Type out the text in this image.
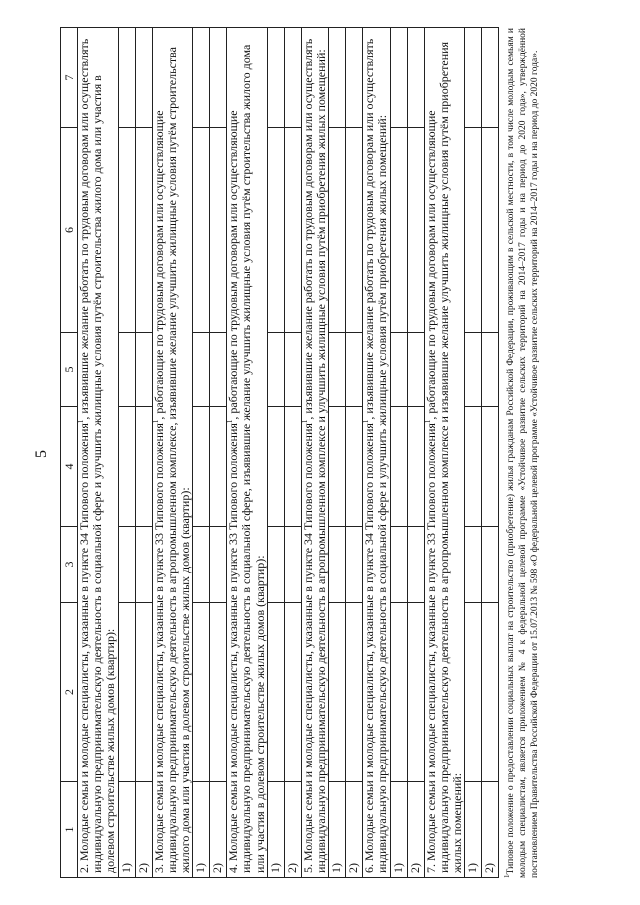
5
1	2	3	4	5	6	7
2. Молодые семьи и молодые специалисты, указанные в пункте 34 Типового положения$^1$, изъявившие желание работать по трудовым договорам или осуществлять индивидуальную предпринимательскую деятельность в социальной сфере и улучшить жилищные условия путём строительства жилого дома или участия в долевом строительстве жилых домов (квартир):						
1)						
2)						
3. Молодые семьи и молодые специалисты, указанные в пункте 33 Типового положения$^1$, работающие по трудовым договорам или осуществляющие индивидуальную предпринимательскую деятельность в агропромышленном комплексе, изъявившие желание улучшить жилищные условия путём строительства жилого дома или участия в долевом строительстве жилых домов (квартир):						
1)						
2)						
4. Молодые семьи и молодые специалисты, указанные в пункте 33 Типового положения$^1$, работающие по трудовым договорам или осуществляющие индивидуальную предпринимательскую деятельность в социальной сфере, изъявившие желание улучшить жилищные условия путём строительства жилого дома или участия в долевом строительстве жилых домов (квартир):						
1)						
2)						
5. Молодые семьи и молодые специалисты, указанные в пункте 34 Типового положения$^1$, изъявившие желание работать по трудовым договорам или осуществлять индивидуальную предпринимательскую деятельность в агропромышленном комплексе и улучшить жилищные условия путём приобретения жилых помещений:						
1)						
2)						
6. Молодые семьи и молодые специалисты, указанные в пункте 34 Типового положения$^1$, изъявившие желание работать по трудовым договорам или осуществлять индивидуальную предпринимательскую деятельность в социальной сфере и улучшить жилищные условия путём приобретения жилых помещений:						
1)						
2)						
7. Молодые семьи и молодые специалисты, указанные в пункте 33 Типового положения$^1$, работающие по трудовым договорам или осуществляющие индивидуальную предпринимательскую деятельность в агропромышленном комплексе и изъявившие желание улучшить жилищные условия путём приобретения жилых помещений:						
1)						
2)						
$^1$Типовое положение о предоставлении социальных выплат на строительство (приобретение) жилья гражданам Российской Федерации, проживающим в сельской местности, в том числе молодым семьям и молодым специалистам, является приложением № 4 к федеральной целевой программе «Устойчивое развитие сельских территорий на 2014–2017 годы и на период до 2020 года», утверждённой постановлением Правительства Российской Федерации от 15.07.2013 № 598 «О федеральной целевой программе «Устойчивое развитие сельских территорий на 2014–2017 годы и на период до 2020 года».
